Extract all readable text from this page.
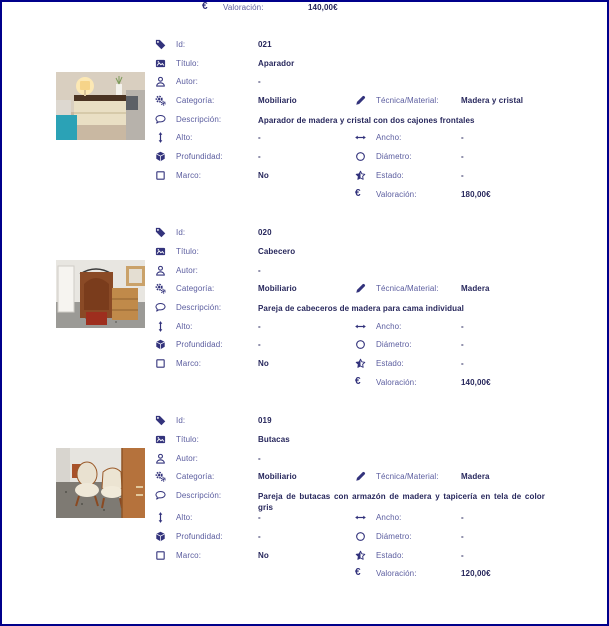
€	Valoración:	140,00€
Id:	021
Título:	Aparador
Autor:	-
Categoría:	Mobiliario	Técnica/Material:	Madera y cristal
Descripción:	Aparador de madera y cristal con dos cajones frontales
Alto:	-	Ancho:	-
Profundidad:	-	Diámetro:	-
Marco:	No	Estado:	-
€	Valoración:	180,00€
Id:	020
Título:	Cabecero
Autor:	-
Categoría:	Mobiliario	Técnica/Material:	Madera
Descripción:	Pareja de cabeceros de madera para cama individual
Alto:	-	Ancho:	-
Profundidad:	-	Diámetro:	-
Marco:	No	Estado:	-
€	Valoración:	140,00€
Id:	019
Título:	Butacas
Autor:	-
Categoría:	Mobiliario	Técnica/Material:	Madera
Descripción:	Pareja de butacas con armazón de madera y tapicería en tela de color gris
Alto:	-	Ancho:	-
Profundidad:	-	Diámetro:	-
Marco:	No	Estado:	-
€	Valoración:	120,00€
